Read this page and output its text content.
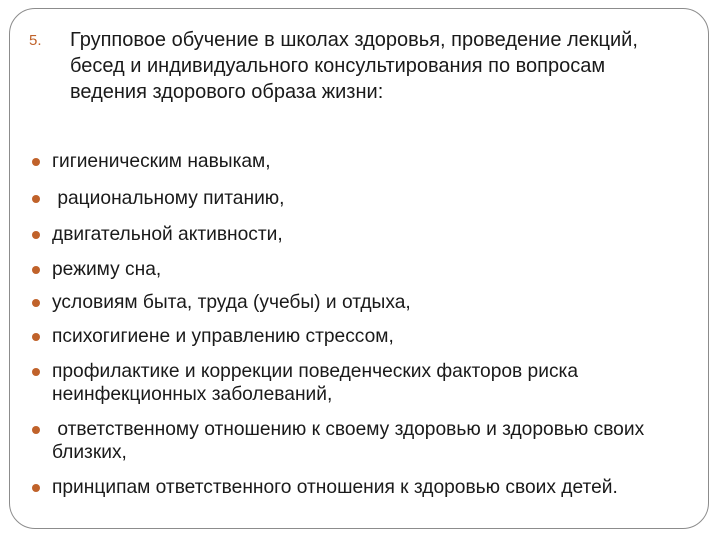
5. Групповое обучение в школах здоровья, проведение лекций, бесед и индивидуального консультирования по вопросам ведения здорового образа жизни:
гигиеническим навыкам,
рациональному питанию,
двигательной активности,
режиму сна,
условиям быта, труда (учебы) и отдыха,
психогигиене и управлению стрессом,
профилактике и коррекции поведенческих факторов риска неинфекционных заболеваний,
ответственному отношению к своему здоровью и здоровью своих близких,
принципам ответственного отношения к здоровью своих детей.
